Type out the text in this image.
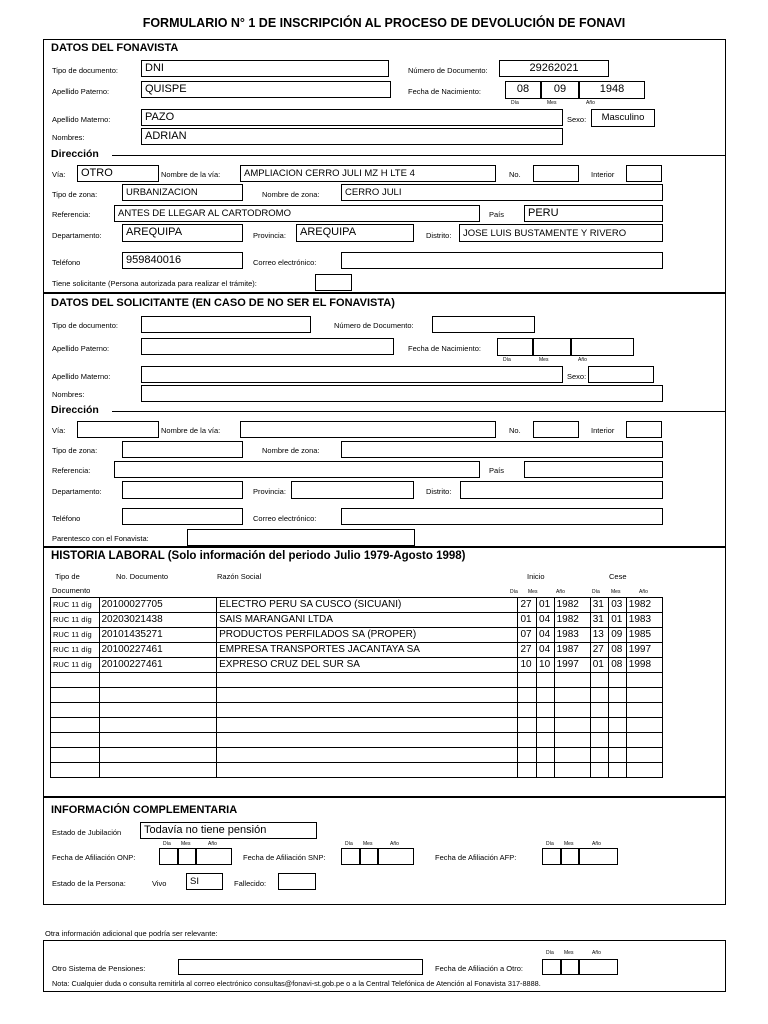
FORMULARIO N° 1 DE INSCRIPCIÓN AL PROCESO DE DEVOLUCIÓN DE FONAVI
DATOS DEL FONAVISTA
Tipo de documento:	DNI	Número de Documento:	29262021
Apellido Paterno:	QUISPE	Fecha de Nacimiento:	08	09	1948
Día	Mes	Año
Apellido Materno:	PAZO	Sexo:	Masculino
Nombres:	ADRIAN
Dirección
Vía:	OTRO	Nombre de la vía:	AMPLIACION CERRO JULI MZ H LTE 4	No.	Interior
Tipo de zona:	URBANIZACION	Nombre de zona:	CERRO JULI
Referencia:	ANTES DE LLEGAR AL CARTODROMO	País	PERU
Departamento:	AREQUIPA	Provincia:	AREQUIPA	Distrito:	JOSE LUIS BUSTAMENTE Y RIVERO
Teléfono	959840016	Correo electrónico:
Tiene solicitante (Persona autorizada para realizar el trámite):
DATOS DEL SOLICITANTE (EN CASO DE NO SER EL FONAVISTA)
Tipo de documento:	Número de Documento:
Apellido Paterno:	Fecha de Nacimiento:
Día	Mes	Año
Apellido Materno:	Sexo:
Nombres:
Dirección
Vía:	Nombre de la vía:	No.	Interior
Tipo de zona:	Nombre de zona:
Referencia:	País
Departamento:	Provincia:	Distrito:
Teléfono	Correo electrónico:
Parentesco con el Fonavista:
HISTORIA LABORAL (Solo información del periodo Julio 1979-Agosto 1998)
Tipo de
Documento
No. Documento	Razón Social	Inicio	Cese
Día Mes	Año	Día Mes	Año
RUC 11 díg	20100027705	ELECTRO PERU SA CUSCO (SICUANI)	27	01	1982	31	03	1982
RUC 11 díg	20203021438	SAIS MARANGANI LTDA	01	04	1982	31	01	1983
RUC 11 díg	20101435271	PRODUCTOS PERFILADOS SA (PROPER)	07	04	1983	13	09	1985
RUC 11 díg	20100227461	EMPRESA TRANSPORTES JACANTAYA SA	27	04	1987	27	08	1997
RUC 11 díg	20100227461	EXPRESO CRUZ DEL SUR SA	10	10	1997	01	08	1998

INFORMACIÓN COMPLEMENTARIA
Estado de Jubilación	Todavía no tiene pensión
Fecha de Afiliación ONP:
Día Mes	Año
Fecha de Afiliación SNP:
Día Mes	Año
Fecha de Afiliación AFP:
Día Mes	Año
Estado de la Persona:	Vivo	SI	Fallecido:
Otra información adicional que podría ser relevante:
Otro Sistema de Pensiones:	Fecha de Afiliación a Otro:
Día Mes	Año
Nota: Cualquier duda o consulta remitirla al correo electrónico consultas@fonavi-st.gob.pe o a la Central Telefónica de Atención al Fonavista 317-8888.
